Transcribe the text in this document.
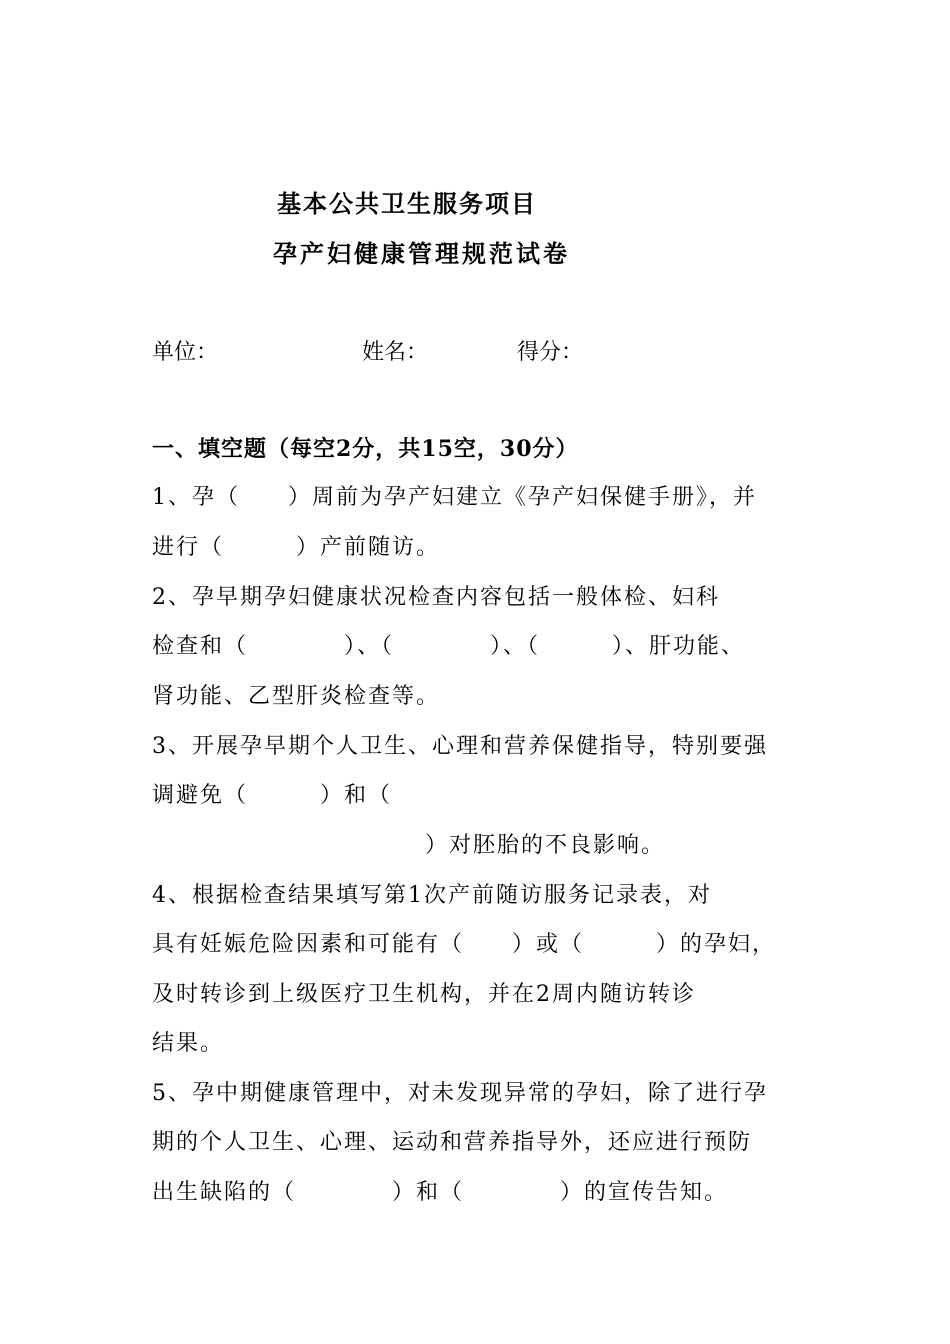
基本公共卫生服务项目
孕产妇健康管理规范试卷
单位：	姓名：	得分：
一、填空题（每空2分，共15空，30分）
1、孕（　　）周前为孕产妇建立《孕产妇保健手册》，并
进行（　　　）产前随访。
2、孕早期孕妇健康状况检查内容包括一般体检、妇科
检查和（　　　　）、（　　　　）、（　　　）、肝功能、
肾功能、乙型肝炎检查等。
3、开展孕早期个人卫生、心理和营养保健指导，特别要强
调避免（　　　）和（
）对胚胎的不良影响。
4、根据检查结果填写第1次产前随访服务记录表，对
具有妊娠危险因素和可能有（　　）或（　　　）的孕妇，
及时转诊到上级医疗卫生机构，并在2周内随访转诊
结果。
5、孕中期健康管理中，对未发现异常的孕妇，除了进行孕
期的个人卫生、心理、运动和营养指导外，还应进行预防
出生缺陷的（　　　　）和（　　　　）的宣传告知。
